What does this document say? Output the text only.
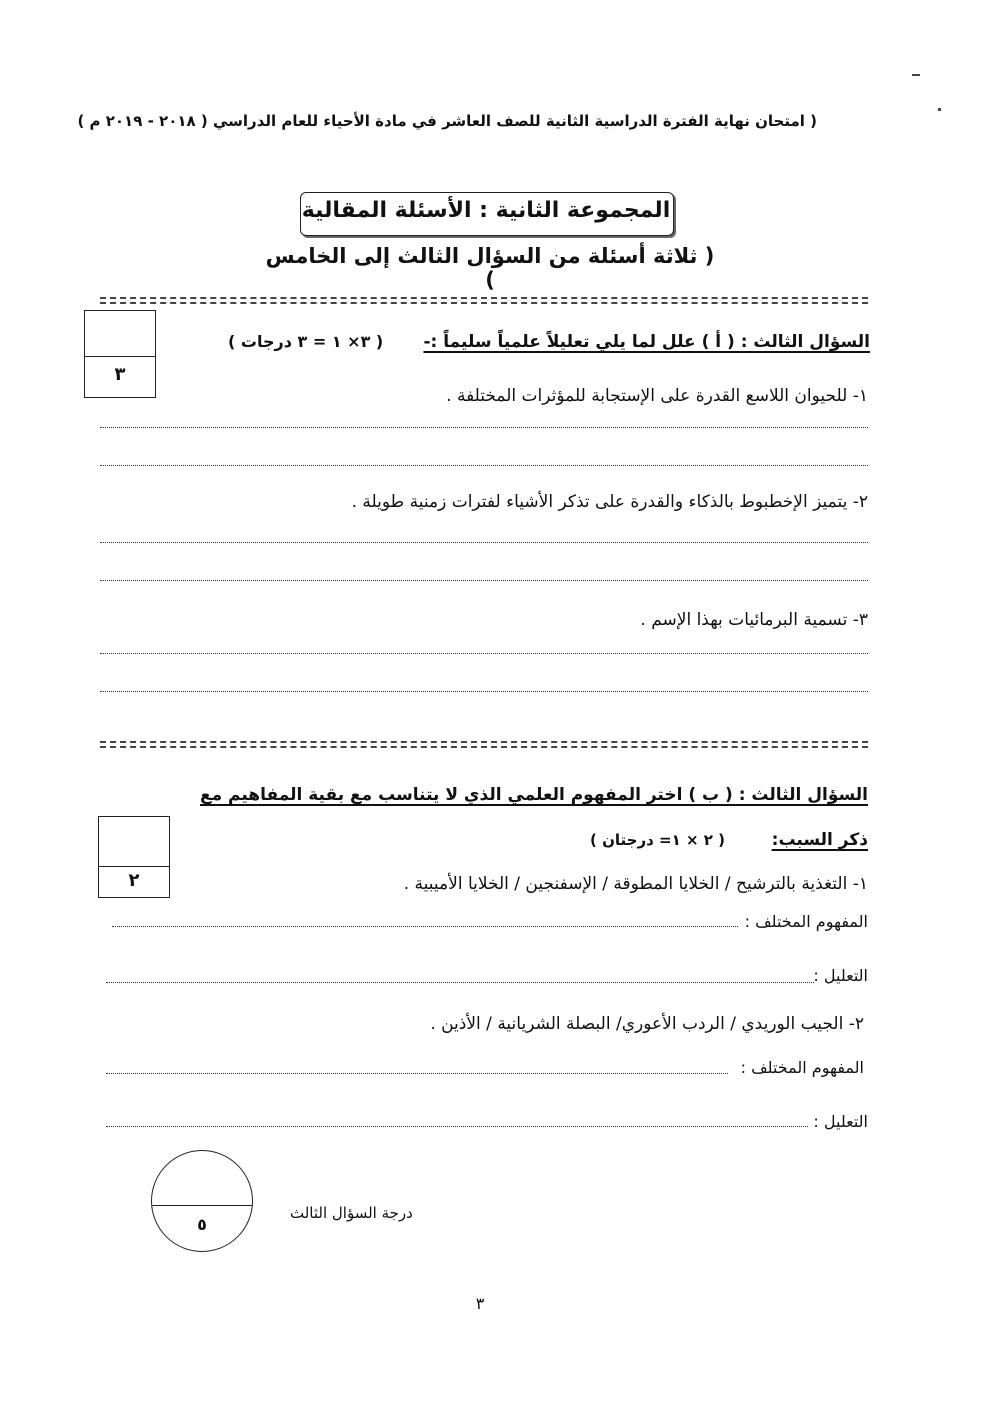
( امتحان نهاية الفترة الدراسية الثانية للصف العاشر في مادة الأحياء للعام الدراسي ( ٢٠١٨ - ٢٠١٩ م )
المجموعة الثانية : الأسئلة المقالية
( ثلاثة أسئلة من السؤال الثالث إلى الخامس )
٣
السؤال الثالث : ( أ ) علل لما يلي تعليلاً علمياً سليماً :-
( ٣× ١ = ٣ درجات )
١- للحيوان اللاسع القدرة على الإستجابة للمؤثرات المختلفة .
٢- يتميز الإخطبوط بالذكاء والقدرة على تذكر الأشياء لفترات زمنية طويلة .
٣- تسمية البرمائيات بهذا الإسم .
السؤال الثالث : ( ب ) اختر المفهوم العلمي الذي لا يتناسب مع بقية المفاهيم مع
٢
ذكر السبب:
( ٢ × ١= درجتان )
١- التغذية بالترشيح / الخلايا المطوقة / الإسفنجين / الخلايا الأميبية .
المفهوم المختلف :
التعليل :
٢- الجيب الوريدي / الردب الأعوري/ البصلة الشريانية / الأذين .
المفهوم المختلف :
التعليل :
٥
درجة السؤال الثالث
٣
